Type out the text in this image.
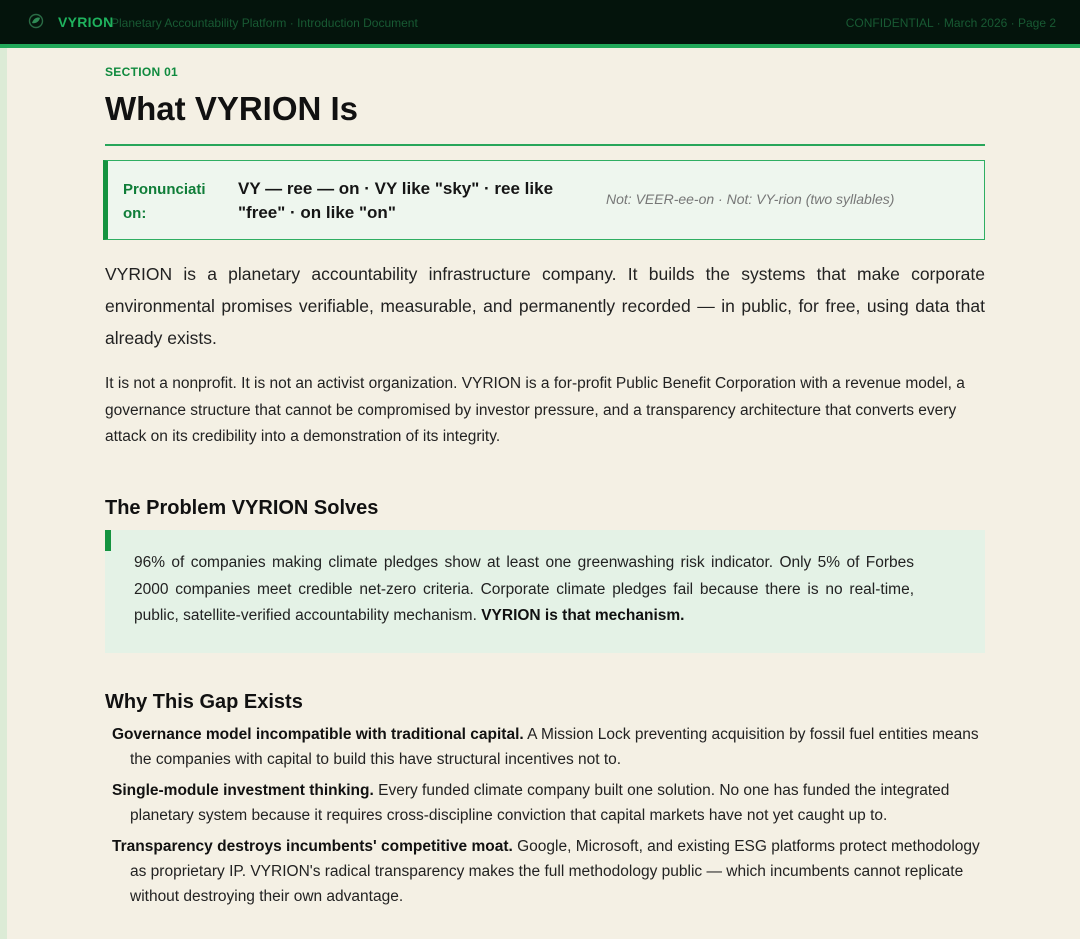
VYRION
Planetary Accountability Platform · Introduction Document	CONFIDENTIAL · March 2026 · Page 2
SECTION 01
What VYRION Is
Pronunciation:
VY — ree — on · VY like "sky" · ree like "free" · on like "on"
Not: VEER-ee-on · Not: VY-rion (two syllables)

VYRION is a planetary accountability infrastructure company. It builds the systems that make corporate environmental promises verifiable, measurable, and permanently recorded — in public, for free, using data that already exists.

It is not a nonprofit. It is not an activist organization. VYRION is a for-profit Public Benefit Corporation with a revenue model, a governance structure that cannot be compromised by investor pressure, and a transparency architecture that converts every attack on its credibility into a demonstration of its integrity.

The Problem VYRION Solves

96% of companies making climate pledges show at least one greenwashing risk indicator. Only 5% of Forbes 2000 companies meet credible net-zero criteria. Corporate climate pledges fail because there is no real-time, public, satellite-verified accountability mechanism. VYRION is that mechanism.

Why This Gap Exists
Governance model incompatible with traditional capital. A Mission Lock preventing acquisition by fossil fuel entities means the companies with capital to build this have structural incentives not to.
Single-module investment thinking. Every funded climate company built one solution. No one has funded the integrated planetary system because it requires cross-discipline conviction that capital markets have not yet caught up to.
Transparency destroys incumbents' competitive moat. Google, Microsoft, and existing ESG platforms protect methodology as proprietary IP. VYRION's radical transparency makes the full methodology public — which incumbents cannot replicate without destroying their own advantage.
